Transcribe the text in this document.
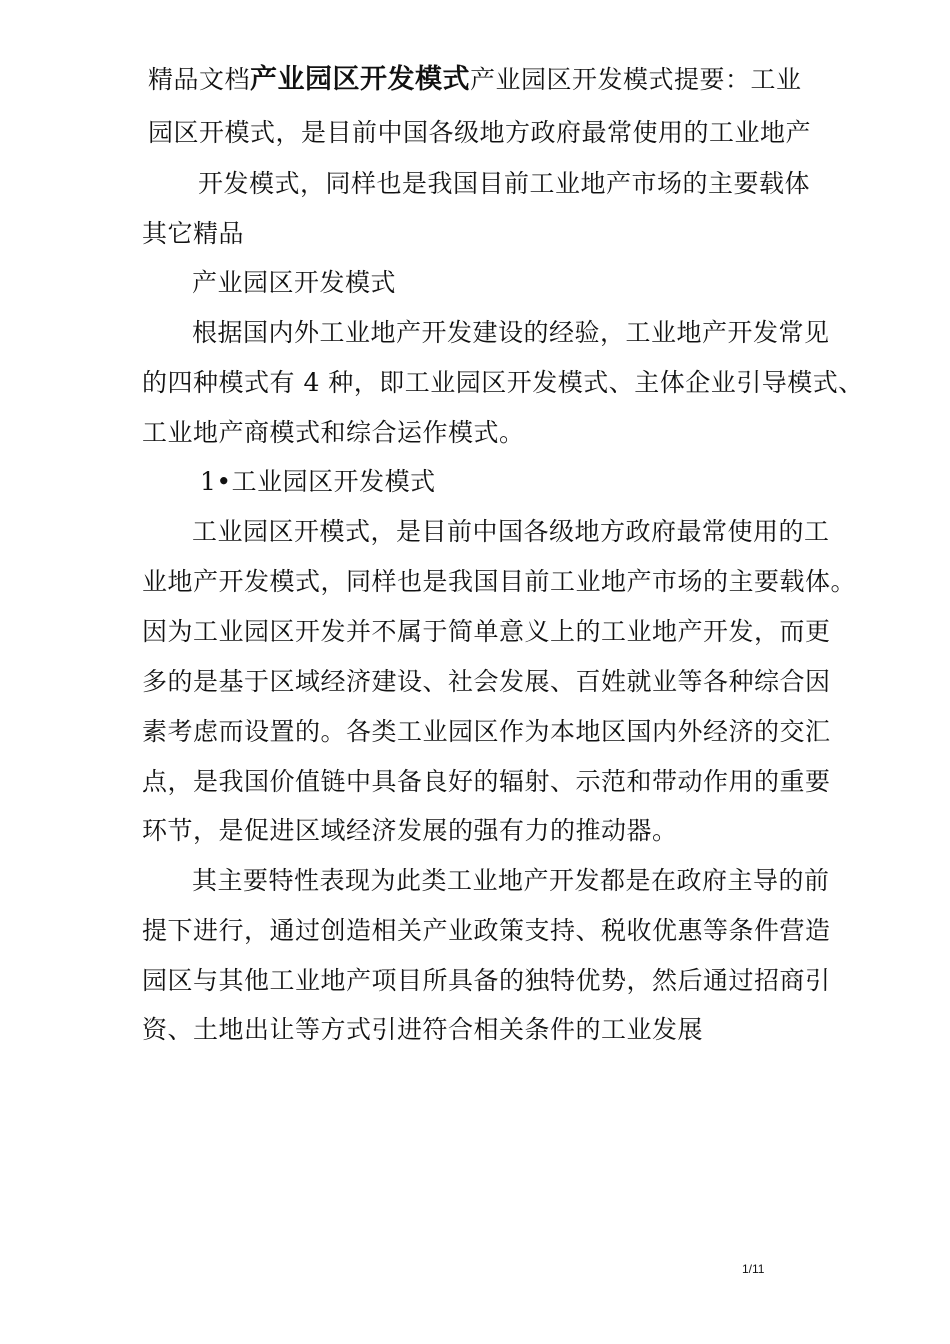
精品文档产业园区开发模式产业园区开发模式提要：工业
园区开模式，是目前中国各级地方政府最常使用的工业地产
开发模式，同样也是我国目前工业地产市场的主要载体
其它精品
产业园区开发模式
根据国内外工业地产开发建设的经验，工业地产开发常见
的四种模式有 4 种，即工业园区开发模式、主体企业引导模式、
工业地产商模式和综合运作模式。
1•工业园区开发模式
工业园区开模式，是目前中国各级地方政府最常使用的工
业地产开发模式，同样也是我国目前工业地产市场的主要载体。
因为工业园区开发并不属于简单意义上的工业地产开发，而更
多的是基于区域经济建设、社会发展、百姓就业等各种综合因
素考虑而设置的。各类工业园区作为本地区国内外经济的交汇
点，是我国价值链中具备良好的辐射、示范和带动作用的重要
环节，是促进区域经济发展的强有力的推动器。
其主要特性表现为此类工业地产开发都是在政府主导的前
提下进行，通过创造相关产业政策支持、税收优惠等条件营造
园区与其他工业地产项目所具备的独特优势，然后通过招商引
资、土地出让等方式引进符合相关条件的工业发展
1/11
